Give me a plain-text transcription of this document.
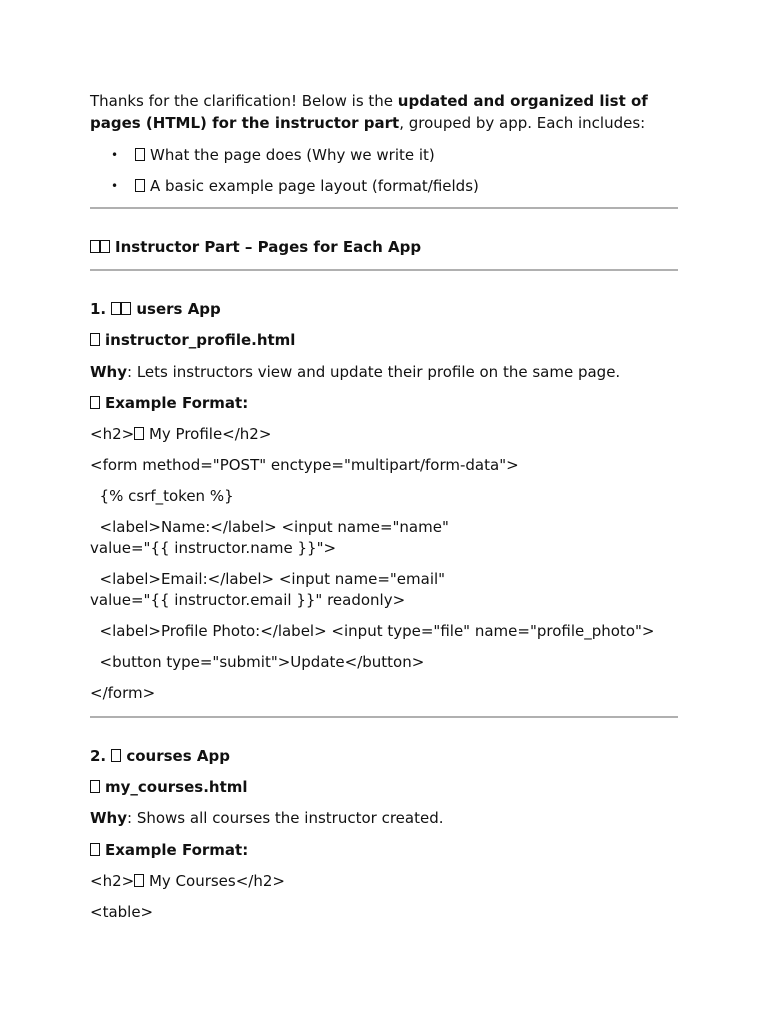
Thanks for the clarification! Below is the updated and organized list of
pages (HTML) for the instructor part, grouped by app. Each includes:
•	What the page does (Why we write it)
•	A basic example page layout (format/fields)
Instructor Part – Pages for Each App
1. users App
instructor_profile.html
Why: Lets instructors view and update their profile on the same page.
Example Format:
<h2> My Profile</h2>
<form method="POST" enctype="multipart/form-data">
{% csrf_token %}
<label>Name:</label> <input name="name"
value="{{ instructor.name }}">
<label>Email:</label> <input name="email"
value="{{ instructor.email }}" readonly>
<label>Profile Photo:</label> <input type="file" name="profile_photo">
<button type="submit">Update</button>
</form>
2. courses App
my_courses.html
Why: Shows all courses the instructor created.
Example Format:
<h2> My Courses</h2>
<table>
